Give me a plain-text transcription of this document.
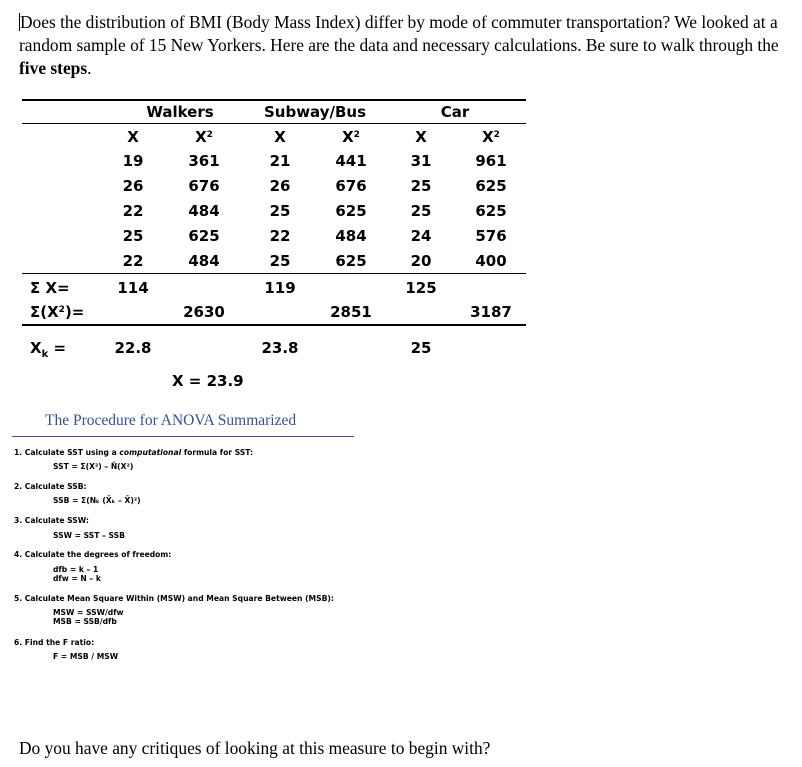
Does the distribution of BMI (Body Mass Index) differ by mode of commuter transportation? We looked at a random sample of 15 New Yorkers. Here are the data and necessary calculations. Be sure to walk through the five steps.
Walkers	Subway/Bus	Car
X	$X^2$	X	$X^2$	X	$X^2$
19	361	21	441	31	961
26	676	26	676	25	625
22	484	25	625	25	625
25	625	22	484	24	576
22	484	25	625	20	400
Σ X=	114	119	125
$\Sigma(X^2)=$	2630	2851	3187
$X_k$ =	22.8	23.8	25
X = 23.9
The Procedure for ANOVA Summarized
1. Calculate SST using a computational formula for SST:
SST = Σ(X²) – Ñ(X²)
2. Calculate SSB:
SSB = Σ(Nₖ (X̄ₖ – X̄)²)
3. Calculate SSW:
SSW = SST – SSB
4. Calculate the degrees of freedom:
dfb = k – 1
dfw = N – k
5. Calculate Mean Square Within (MSW) and Mean Square Between (MSB):
MSW = SSW/dfw
MSB = SSB/dfb
6. Find the F ratio:
F = MSB / MSW
Do you have any critiques of looking at this measure to begin with?
